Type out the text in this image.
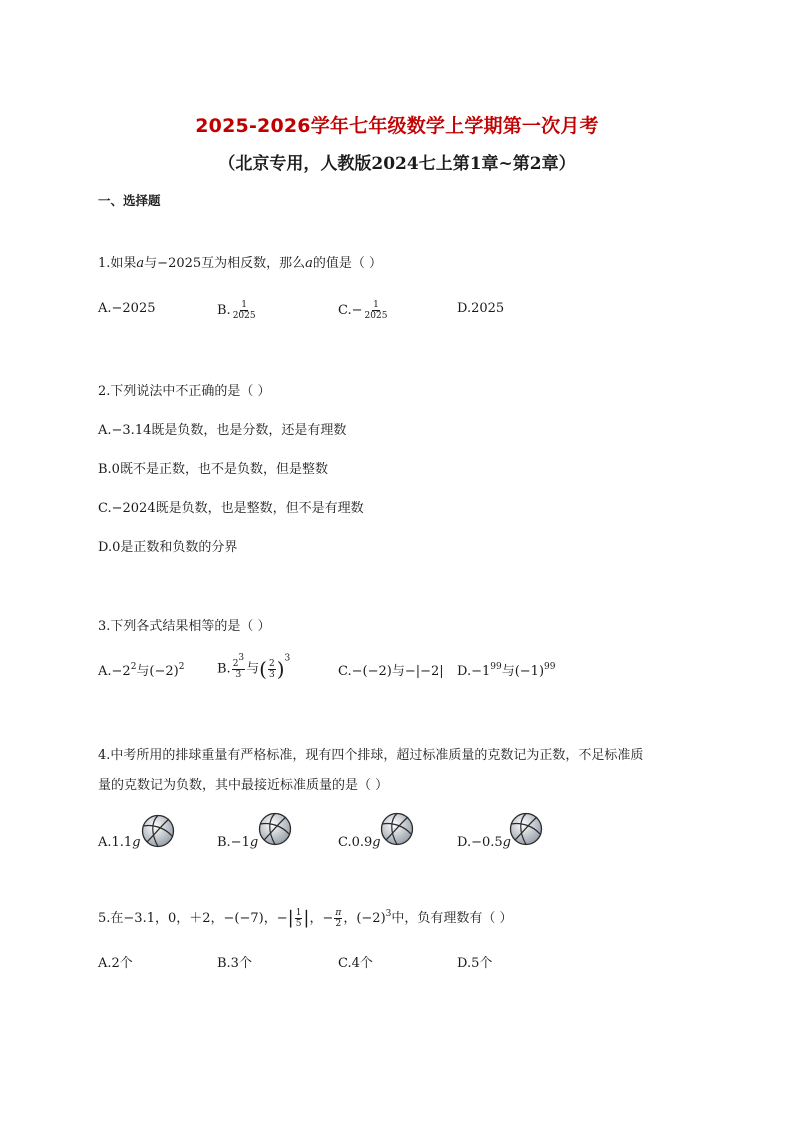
2025-2026学年七年级数学上学期第一次月考
（北京专用，人教版2024七上第1章~第2章）
一、选择题
1.如果a与−2025互为相反数，那么a的值是（ ）
A.−2025	B. $\frac{1}{2025}$	$C.- \frac{1}{2025}$	D.2025
2.下列说法中不正确的是（ ）
A.−3.14既是负数，也是分数，还是有理数
B.0既不是正数，也不是负数，但是整数
C.−2024既是负数，也是整数，但不是有理数
D.0是正数和负数的分界
3.下列各式结果相等的是（ ）
$A.-2^2$与$(-2)^2$	B. $\frac{2^3}{3}$ 与( $\frac{2}{3} )^3$
C.−(−2)与−|−2| $D.-1^{99}$与$(-1)^{99}$
4.中考所用的排球重量有严格标准，现有四个排球，超过标准质量的克数记为正数，不足标准质
量的克数记为负数，其中最接近标准质量的是（ ）
A.1.1g	B.−1g	C.0.9g	D.−0.5g
5.在−3.1，0，＋2，−(−7)，−| $\frac{1}{5}$ |，− $\frac{\pi}{2}$ ，$(-2)^3$中，负有理数有（ ）
A.2个	B.3个	C.4个	D.5个
